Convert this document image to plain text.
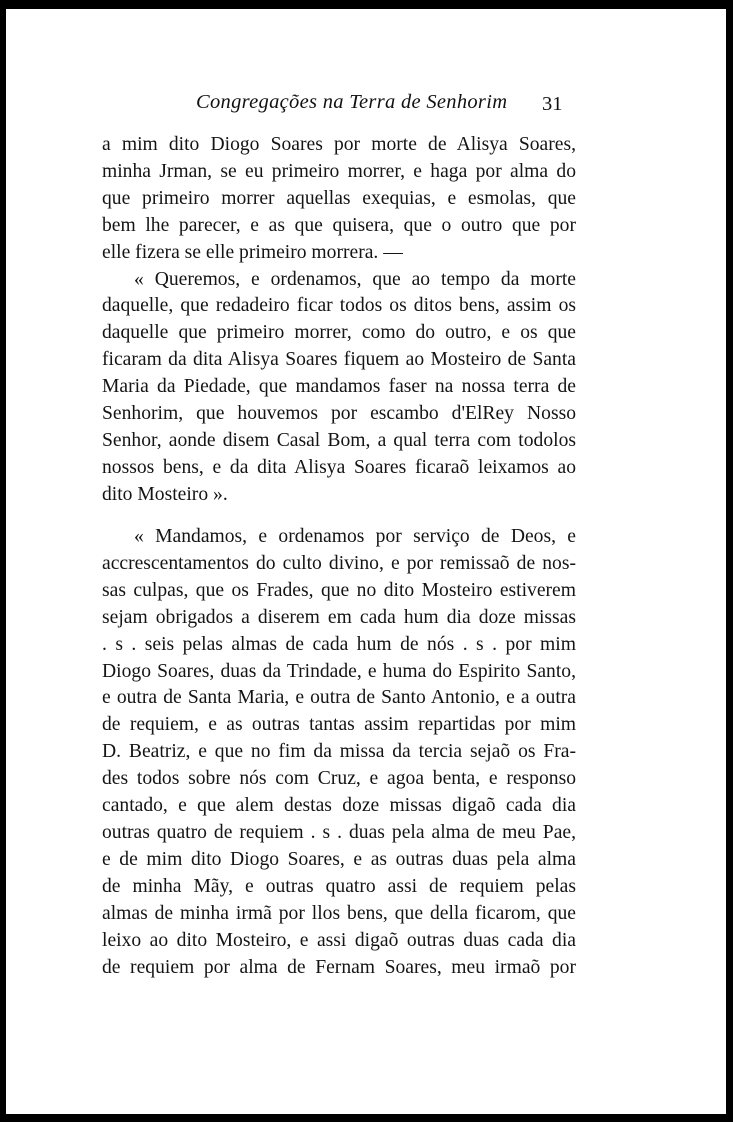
Congregações na Terra de Senhorim 31
a mim dito Diogo Soares por morte de Alisya Soares,
minha Jrman, se eu primeiro morrer, e haga por alma do
que primeiro morrer aquellas exequias, e esmolas, que
bem lhe parecer, e as que quisera, que o outro que por
elle fizera se elle primeiro morrera. —
« Queremos, e ordenamos, que ao tempo da morte
daquelle, que redadeiro ficar todos os ditos bens, assim os
daquelle que primeiro morrer, como do outro, e os que
ficaram da dita Alisya Soares fiquem ao Mosteiro de Santa
Maria da Piedade, que mandamos faser na nossa terra de
Senhorim, que houvemos por escambo d'ElRey Nosso
Senhor, aonde disem Casal Bom, a qual terra com todolos
nossos bens, e da dita Alisya Soares ficaraõ leixamos ao
dito Mosteiro ».
« Mandamos, e ordenamos por serviço de Deos, e
accrescentamentos do culto divino, e por remissaõ de nos-
sas culpas, que os Frades, que no dito Mosteiro estiverem
sejam obrigados a diserem em cada hum dia doze missas
. s . seis pelas almas de cada hum de nós . s . por mim
Diogo Soares, duas da Trindade, e huma do Espirito Santo,
e outra de Santa Maria, e outra de Santo Antonio, e a outra
de requiem, e as outras tantas assim repartidas por mim
D. Beatriz, e que no fim da missa da tercia sejaõ os Fra-
des todos sobre nós com Cruz, e agoa benta, e responso
cantado, e que alem destas doze missas digaõ cada dia
outras quatro de requiem . s . duas pela alma de meu Pae,
e de mim dito Diogo Soares, e as outras duas pela alma
de minha Mãy, e outras quatro assi de requiem pelas
almas de minha irmã por llos bens, que della ficarom, que
leixo ao dito Mosteiro, e assi digaõ outras duas cada dia
de requiem por alma de Fernam Soares, meu irmaõ por
